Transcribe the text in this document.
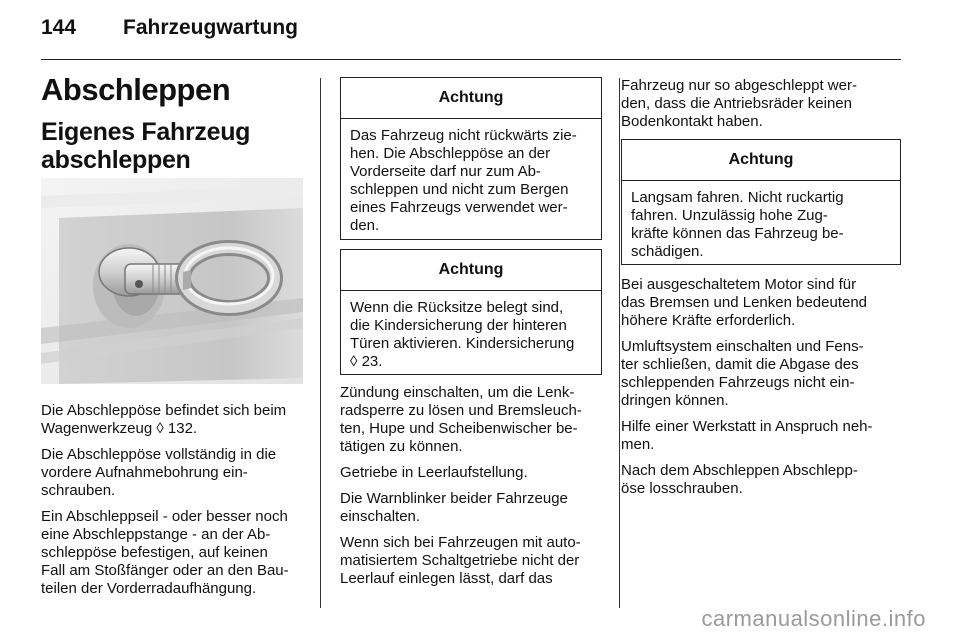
144 Fahrzeugwartung
Abschleppen
Eigenes Fahrzeug abschleppen

Die Abschleppöse befindet sich beim
Wagenwerkzeug ◊ 132.

Die Abschleppöse vollständig in die
vordere Aufnahmebohrung ein-
schrauben.

Ein Abschleppseil - oder besser noch
eine Abschleppstange - an der Ab-
schleppöse befestigen, auf keinen
Fall am Stoßfänger oder an den Bau-
teilen der Vorderradaufhängung.

Achtung
Das Fahrzeug nicht rückwärts zie-
hen. Die Abschleppöse an der
Vorderseite darf nur zum Ab-
schleppen und nicht zum Bergen
eines Fahrzeugs verwendet wer-
den.
Achtung
Wenn die Rücksitze belegt sind,
die Kindersicherung der hinteren
Türen aktivieren. Kindersicherung
◊ 23.

Zündung einschalten, um die Lenk-
radsperre zu lösen und Bremsleuch-
ten, Hupe und Scheibenwischer be-
tätigen zu können.

Getriebe in Leerlaufstellung.

Die Warnblinker beider Fahrzeuge
einschalten.

Wenn sich bei Fahrzeugen mit auto-
matisiertem Schaltgetriebe nicht der
Leerlauf einlegen lässt, darf das

Fahrzeug nur so abgeschleppt wer-
den, dass die Antriebsräder keinen
Bodenkontakt haben.

Achtung
Langsam fahren. Nicht ruckartig
fahren. Unzulässig hohe Zug-
kräfte können das Fahrzeug be-
schädigen.

Bei ausgeschaltetem Motor sind für
das Bremsen und Lenken bedeutend
höhere Kräfte erforderlich.

Umluftsystem einschalten und Fens-
ter schließen, damit die Abgase des
schleppenden Fahrzeugs nicht ein-
dringen können.

Hilfe einer Werkstatt in Anspruch neh-
men.

Nach dem Abschleppen Abschlepp-
öse losschrauben.

carmanualsonline.info
